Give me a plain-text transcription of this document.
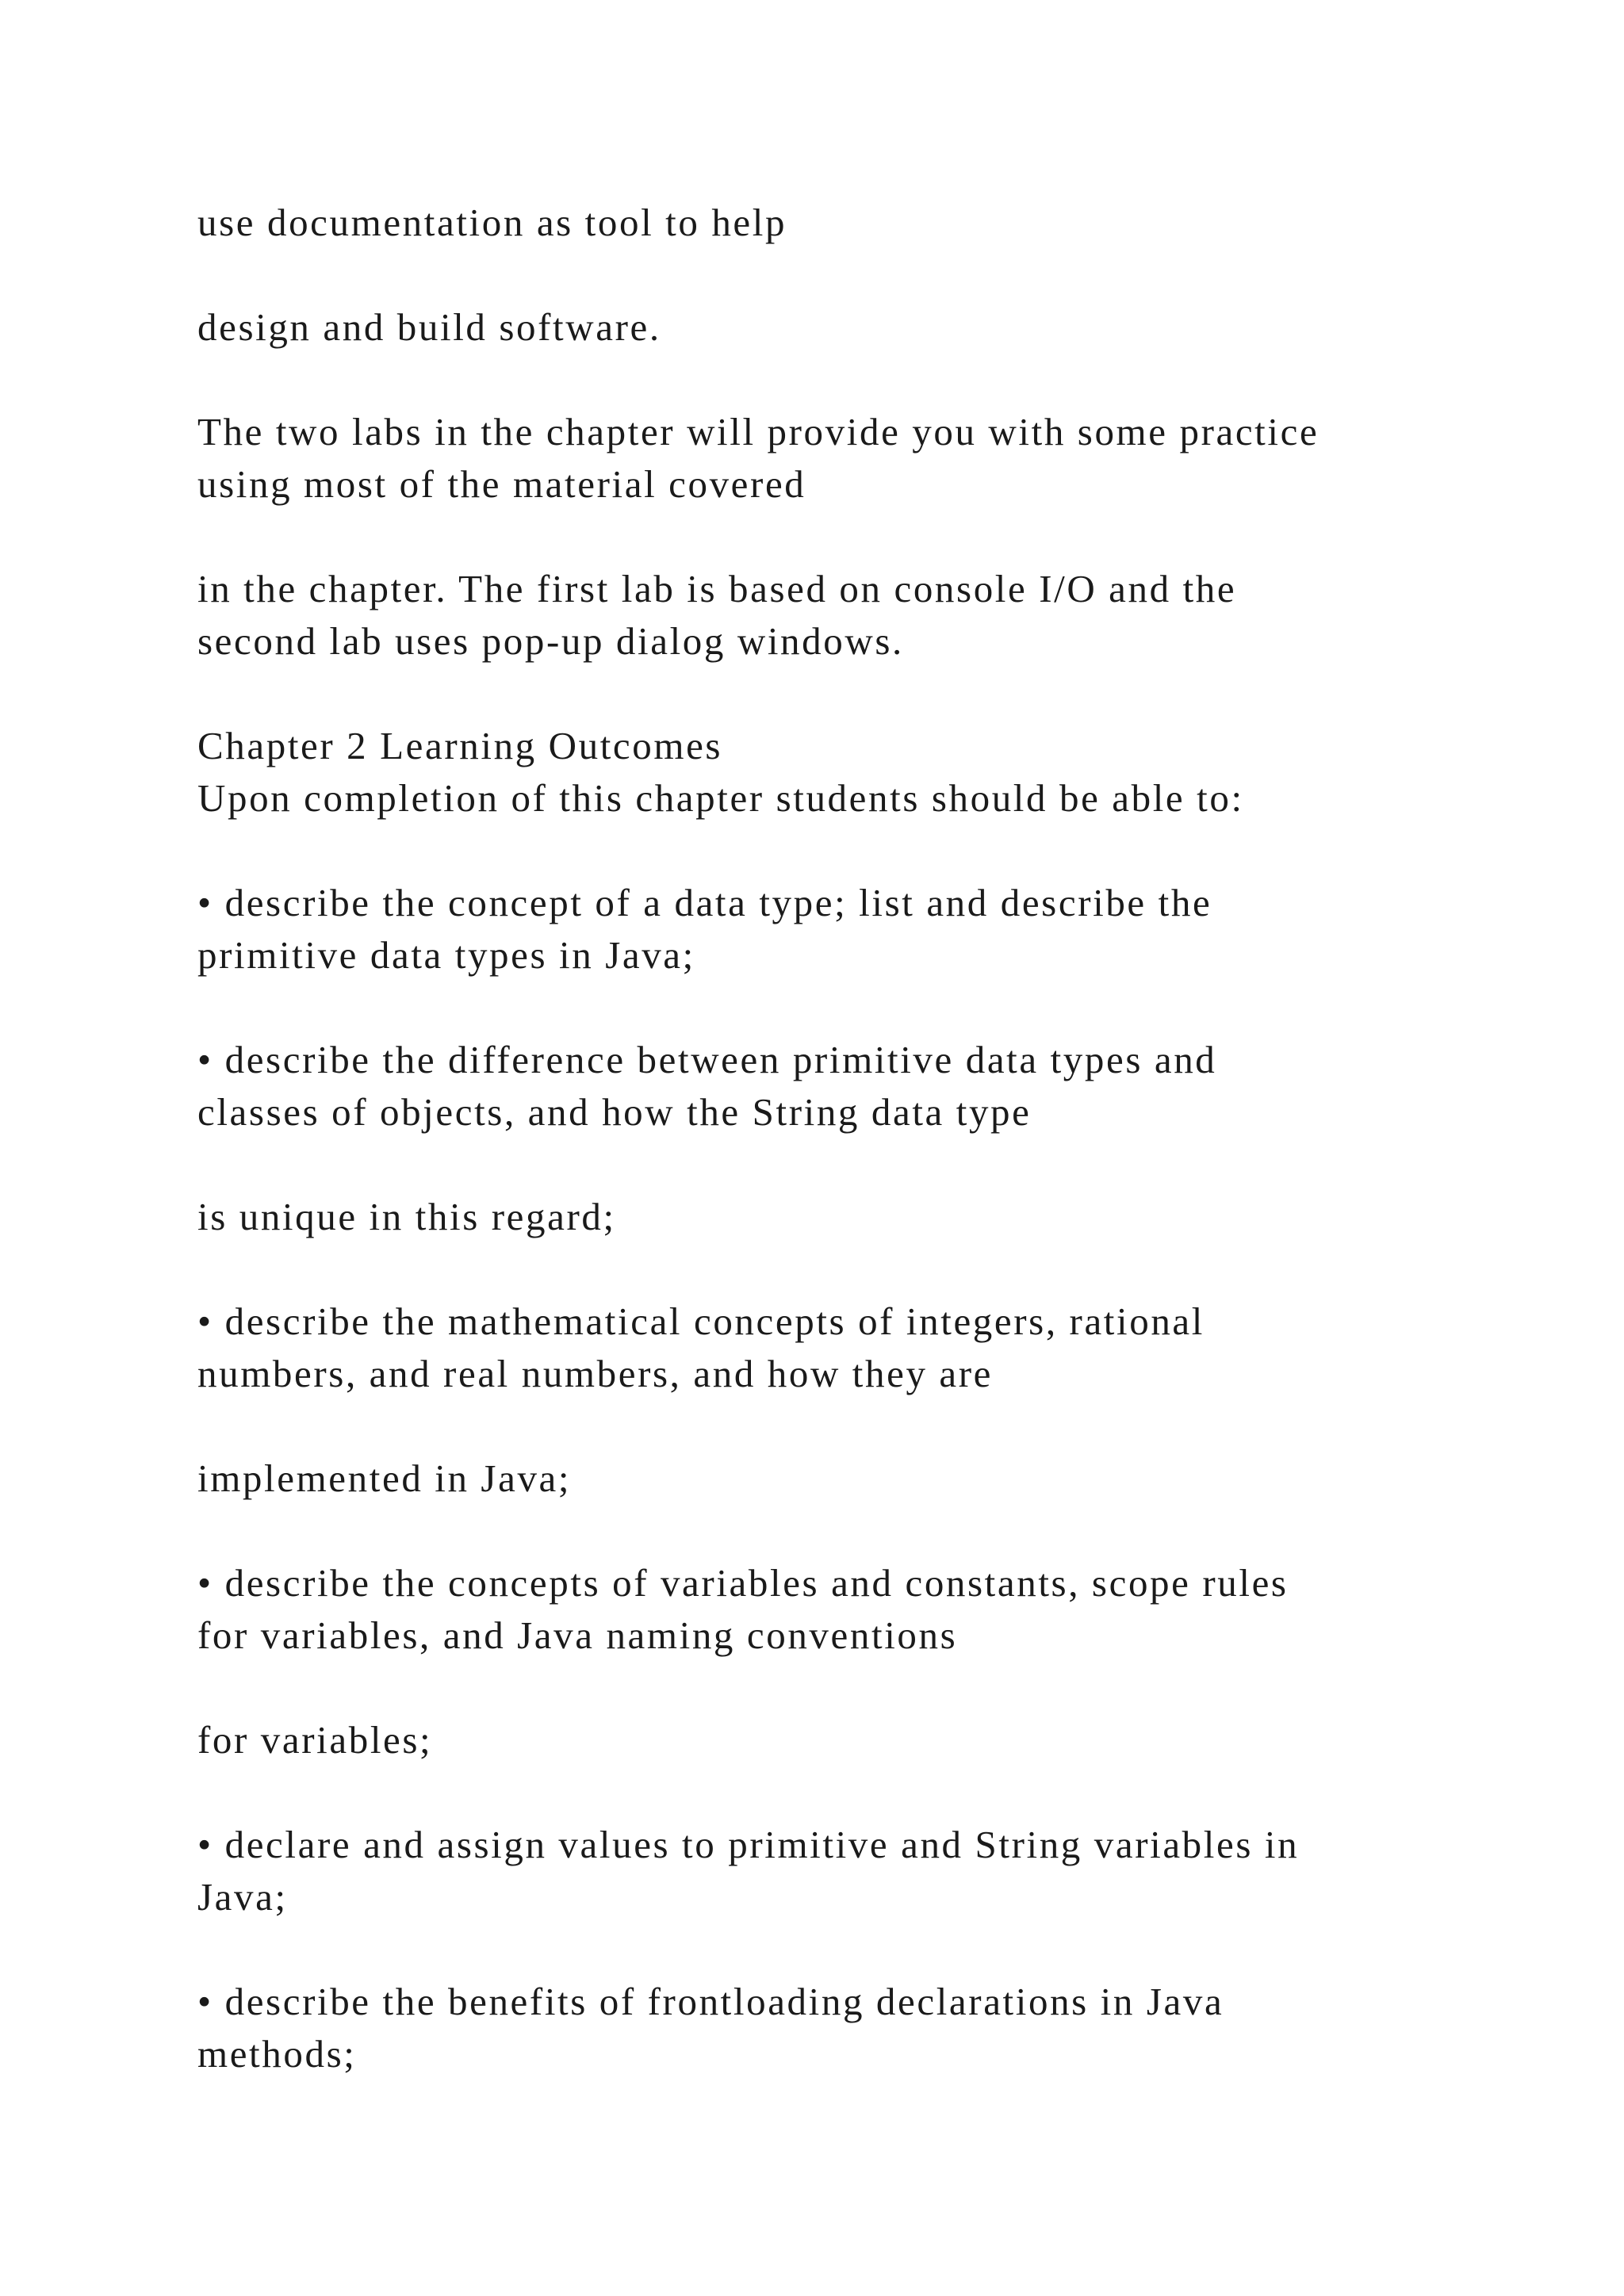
use documentation as tool to help

design and build software.

The two labs in the chapter will provide you with some practice
using most of the material covered

in the chapter. The first lab is based on console I/O and the
second lab uses pop-up dialog windows.

Chapter 2 Learning Outcomes
Upon completion of this chapter students should be able to:

• describe the concept of a data type; list and describe the
primitive data types in Java;

• describe the difference between primitive data types and
classes of objects, and how the String data type

is unique in this regard;

• describe the mathematical concepts of integers, rational
numbers, and real numbers, and how they are

implemented in Java;

• describe the concepts of variables and constants, scope rules
for variables, and Java naming conventions

for variables;

• declare and assign values to primitive and String variables in
Java;

• describe the benefits of frontloading declarations in Java
methods;
